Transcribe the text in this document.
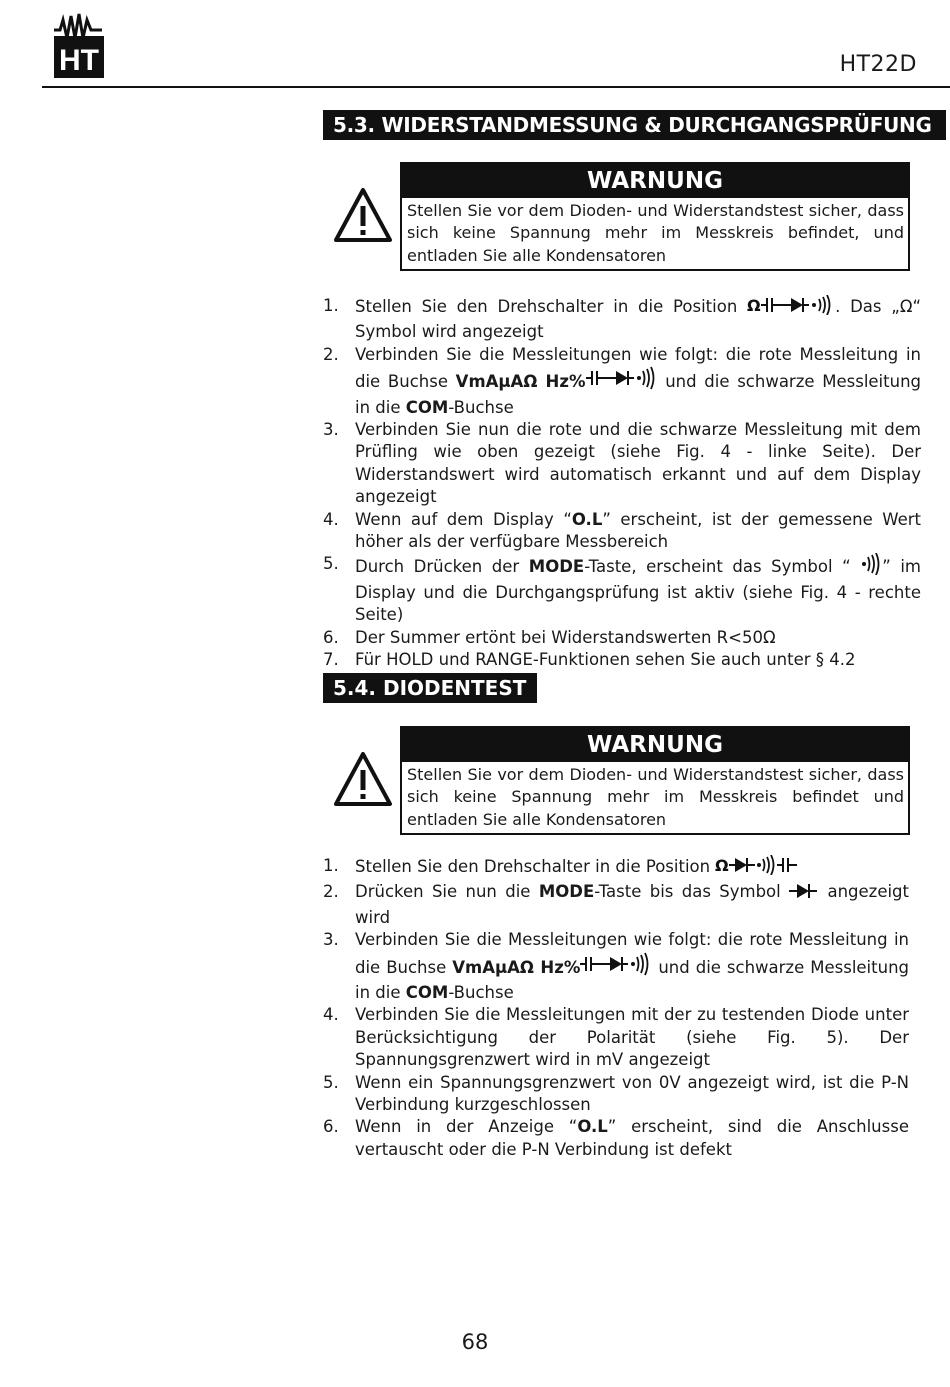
HT	HT22D
5.3. WIDERSTANDMESSUNG & DURCHGANGSPRÜFUNG
WARNUNG
Stellen Sie vor dem Dioden- und Widerstandstest sicher, dass sich keine Spannung mehr im Messkreis befindet, und entladen Sie alle Kondensatoren
1. Stellen Sie den Drehschalter in die Position Ω	. Das „Ω“ Symbol wird angezeigt
2. Verbinden Sie die Messleitungen wie folgt: die rote Messleitung in die Buchse VmAµAΩ Hz%	und die schwarze Messleitung in die COM-Buchse
3. Verbinden Sie nun die rote und die schwarze Messleitung mit dem Prüfling wie oben gezeigt (siehe Fig. 4 - linke Seite). Der Widerstandswert wird automatisch erkannt und auf dem Display angezeigt
4. Wenn auf dem Display “O.L” erscheint, ist der gemessene Wert höher als der verfügbare Messbereich
5. Durch Drücken der MODE-Taste, erscheint das Symbol “ ” im Display und die Durchgangsprüfung ist aktiv (siehe Fig. 4 - rechte Seite)
6. Der Summer ertönt bei Widerstandswerten R<50Ω
7. Für HOLD und RANGE-Funktionen sehen Sie auch unter § 4.2
5.4. DIODENTEST
WARNUNG
Stellen Sie vor dem Dioden- und Widerstandstest sicher, dass sich keine Spannung mehr im Messkreis befindet und entladen Sie alle Kondensatoren
1. Stellen Sie den Drehschalter in die Position Ω
2. Drücken Sie nun die MODE-Taste bis das Symbol  angezeigt wird
3. Verbinden Sie die Messleitungen wie folgt: die rote Messleitung in die Buchse VmAµAΩ Hz%	und die schwarze Messleitung in die COM-Buchse
4. Verbinden Sie die Messleitungen mit der zu testenden Diode unter Berücksichtigung der Polarität (siehe Fig. 5). Der Spannungsgrenzwert wird in mV angezeigt
5. Wenn ein Spannungsgrenzwert von 0V angezeigt wird, ist die P-N Verbindung kurzgeschlossen
6. Wenn in der Anzeige “O.L” erscheint, sind die Anschlusse vertauscht oder die P-N Verbindung ist defekt
68
